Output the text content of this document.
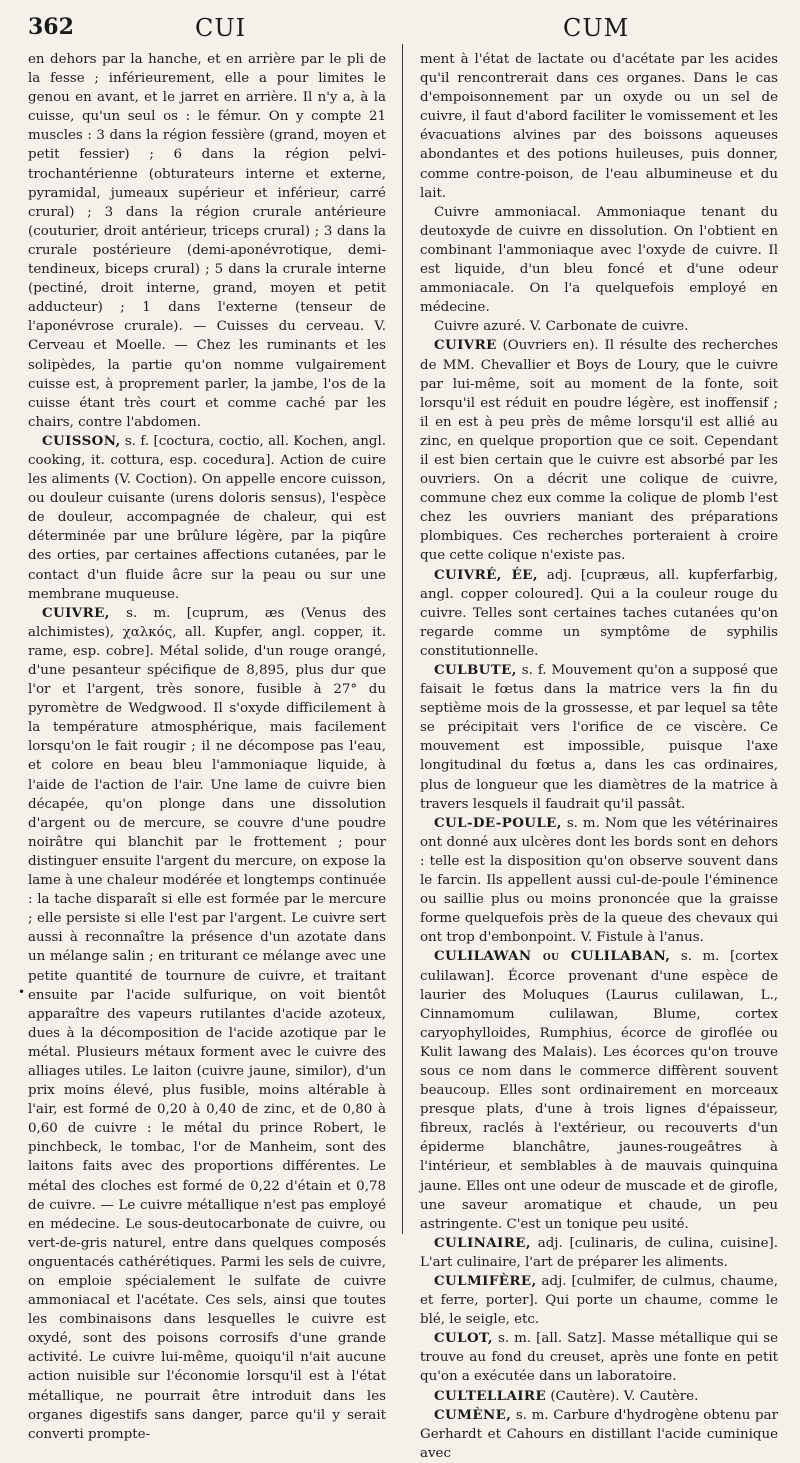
362	CUI	CUM

en dehors par la hanche, et en arrière par le pli de la fesse ; inférieurement, elle a pour limites le genou en avant, et le jarret en arrière. Il n'y a, à la cuisse, qu'un seul os : le fémur. On y compte 21 muscles : 3 dans la région fessière (grand, moyen et petit fessier) ; 6 dans la région pelvi-trochantérienne (obturateurs interne et externe, pyramidal, jumeaux supérieur et inférieur, carré crural) ; 3 dans la région crurale antérieure (couturier, droit antérieur, triceps crural) ; 3 dans la crurale postérieure (demi-aponévrotique, demi-tendineux, biceps crural) ; 5 dans la crurale interne (pectiné, droit interne, grand, moyen et petit adducteur) ; 1 dans l'externe (tenseur de l'aponévrose crurale). — Cuisses du cerveau. V. Cerveau et Moelle. — Chez les ruminants et les solipèdes, la partie qu'on nomme vulgairement cuisse est, à proprement parler, la jambe, l'os de la cuisse étant très court et comme caché par les chairs, contre l'abdomen.

CUISSON, s. f. [coctura, coctio, all. Kochen, angl. cooking, it. cottura, esp. cocedura]. Action de cuire les aliments (V. Coction). On appelle encore cuisson, ou douleur cuisante (urens doloris sensus), l'espèce de douleur, accompagnée de chaleur, qui est déterminée par une brûlure légère, par la piqûre des orties, par certaines affections cutanées, par le contact d'un fluide âcre sur la peau ou sur une membrane muqueuse.

CUIVRE, s. m. [cuprum, æs (Venus des alchimistes), χαλκός, all. Kupfer, angl. copper, it. rame, esp. cobre]. Métal solide, d'un rouge orangé, d'une pesanteur spécifique de 8,895, plus dur que l'or et l'argent, très sonore, fusible à 27° du pyromètre de Wedgwood. Il s'oxyde difficilement à la température atmosphérique, mais facilement lorsqu'on le fait rougir ; il ne décompose pas l'eau, et colore en beau bleu l'ammoniaque liquide, à l'aide de l'action de l'air. Une lame de cuivre bien décapée, qu'on plonge dans une dissolution d'argent ou de mercure, se couvre d'une poudre noirâtre qui blanchit par le frottement ; pour distinguer ensuite l'argent du mercure, on expose la lame à une chaleur modérée et longtemps continuée : la tache disparaît si elle est formée par le mercure ; elle persiste si elle l'est par l'argent. Le cuivre sert aussi à reconnaître la présence d'un azotate dans un mélange salin ; en triturant ce mélange avec une petite quantité de tournure de cuivre, et traitant ensuite par l'acide sulfurique, on voit bientôt apparaître des vapeurs rutilantes d'acide azoteux, dues à la décomposition de l'acide azotique par le métal. Plusieurs métaux forment avec le cuivre des alliages utiles. Le laiton (cuivre jaune, similor), d'un prix moins élevé, plus fusible, moins altérable à l'air, est formé de 0,20 à 0,40 de zinc, et de 0,80 à 0,60 de cuivre : le métal du prince Robert, le pinchbeck, le tombac, l'or de Manheim, sont des laitons faits avec des proportions différentes. Le métal des cloches est formé de 0,22 d'étain et 0,78 de cuivre. — Le cuivre métallique n'est pas employé en médecine. Le sous-deutocarbonate de cuivre, ou vert-de-gris naturel, entre dans quelques composés onguentacés cathérétiques. Parmi les sels de cuivre, on emploie spécialement le sulfate de cuivre ammoniacal et l'acétate. Ces sels, ainsi que toutes les combinaisons dans lesquelles le cuivre est oxydé, sont des poisons corrosifs d'une grande activité. Le cuivre lui-même, quoiqu'il n'ait aucune action nuisible sur l'économie lorsqu'il est à l'état métallique, ne pourrait être introduit dans les organes digestifs sans danger, parce qu'il y serait converti prompte-

ment à l'état de lactate ou d'acétate par les acides qu'il rencontrerait dans ces organes. Dans le cas d'empoisonnement par un oxyde ou un sel de cuivre, il faut d'abord faciliter le vomissement et les évacuations alvines par des boissons aqueuses abondantes et des potions huileuses, puis donner, comme contre-poison, de l'eau albumineuse et du lait.

Cuivre ammoniacal. Ammoniaque tenant du deutoxyde de cuivre en dissolution. On l'obtient en combinant l'ammoniaque avec l'oxyde de cuivre. Il est liquide, d'un bleu foncé et d'une odeur ammoniacale. On l'a quelquefois employé en médecine.

Cuivre azuré. V. Carbonate de cuivre.

CUIVRE (Ouvriers en). Il résulte des recherches de MM. Chevallier et Boys de Loury, que le cuivre par lui-même, soit au moment de la fonte, soit lorsqu'il est réduit en poudre légère, est inoffensif ; il en est à peu près de même lorsqu'il est allié au zinc, en quelque proportion que ce soit. Cependant il est bien certain que le cuivre est absorbé par les ouvriers. On a décrit une colique de cuivre, commune chez eux comme la colique de plomb l'est chez les ouvriers maniant des préparations plombiques. Ces recherches porteraient à croire que cette colique n'existe pas.

CUIVRÉ, ÉE, adj. [cupræus, all. kupferfarbig, angl. copper coloured]. Qui a la couleur rouge du cuivre. Telles sont certaines taches cutanées qu'on regarde comme un symptôme de syphilis constitutionnelle.

CULBUTE, s. f. Mouvement qu'on a supposé que faisait le fœtus dans la matrice vers la fin du septième mois de la grossesse, et par lequel sa tête se précipitait vers l'orifice de ce viscère. Ce mouvement est impossible, puisque l'axe longitudinal du fœtus a, dans les cas ordinaires, plus de longueur que les diamètres de la matrice à travers lesquels il faudrait qu'il passât.

CUL-DE-POULE, s. m. Nom que les vétérinaires ont donné aux ulcères dont les bords sont en dehors : telle est la disposition qu'on observe souvent dans le farcin. Ils appellent aussi cul-de-poule l'éminence ou saillie plus ou moins prononcée que la graisse forme quelquefois près de la queue des chevaux qui ont trop d'embonpoint. V. Fistule à l'anus.

CULILAWAN ou CULILABAN, s. m. [cortex culilawan]. Écorce provenant d'une espèce de laurier des Moluques (Laurus culilawan, L., Cinnamomum culilawan, Blume, cortex caryophylloides, Rumphius, écorce de giroflée ou Kulit lawang des Malais). Les écorces qu'on trouve sous ce nom dans le commerce diffèrent souvent beaucoup. Elles sont ordinairement en morceaux presque plats, d'une à trois lignes d'épaisseur, fibreux, raclés à l'extérieur, ou recouverts d'un épiderme blanchâtre, jaunes-rougeâtres à l'intérieur, et semblables à de mauvais quinquina jaune. Elles ont une odeur de muscade et de girofle, une saveur aromatique et chaude, un peu astringente. C'est un tonique peu usité.

CULINAIRE, adj. [culinaris, de culina, cuisine]. L'art culinaire, l'art de préparer les aliments.

CULMIFÈRE, adj. [culmifer, de culmus, chaume, et ferre, porter]. Qui porte un chaume, comme le blé, le seigle, etc.

CULOT, s. m. [all. Satz]. Masse métallique qui se trouve au fond du creuset, après une fonte en petit qu'on a exécutée dans un laboratoire.

CULTELLAIRE (Cautère). V. Cautère.

CUMÈNE, s. m. Carbure d'hydrogène obtenu par Gerhardt et Cahours en distillant l'acide cuminique avec

•
